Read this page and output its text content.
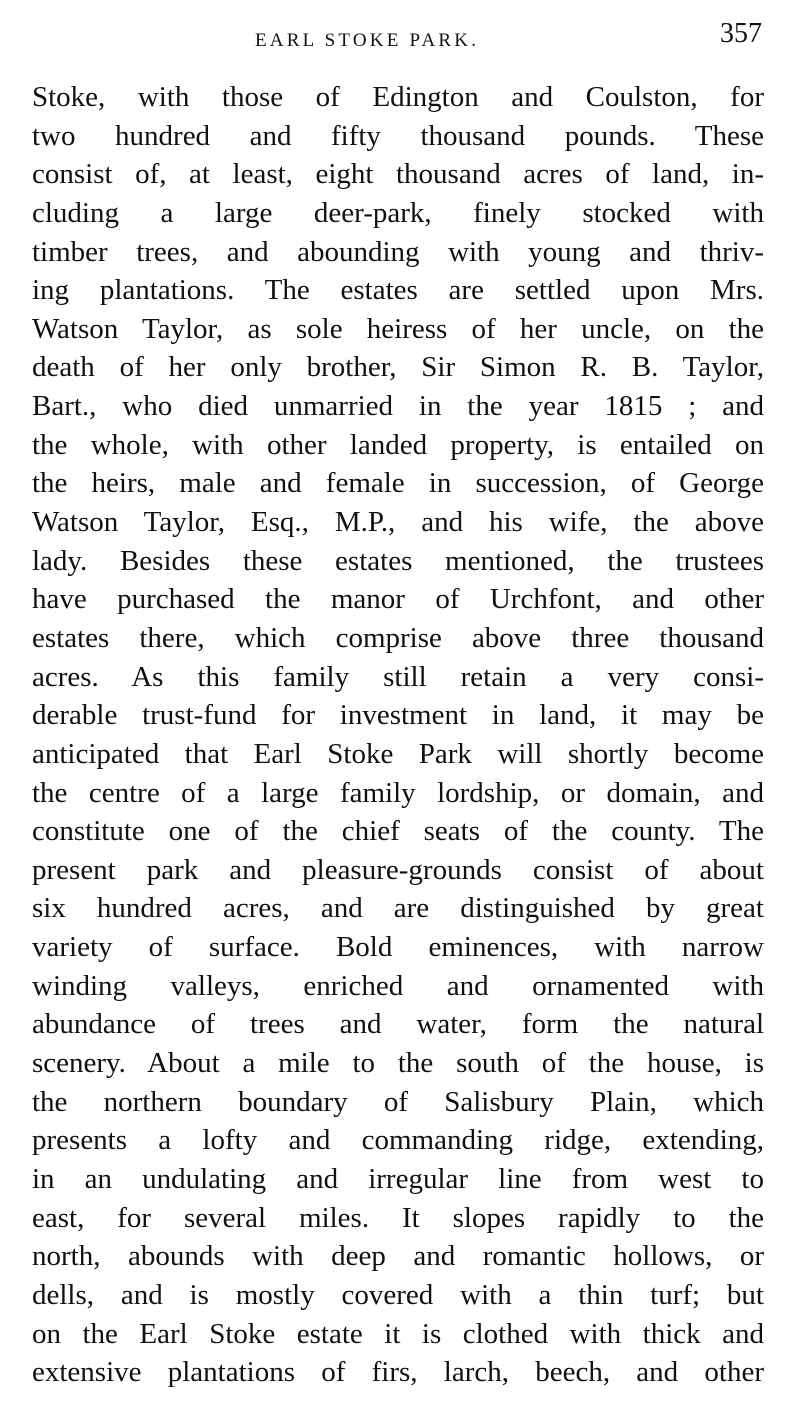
EARL STOKE PARK.	357
Stoke, with those of Edington and Coulston, for
two hundred and fifty thousand pounds. These
consist of, at least, eight thousand acres of land, in-
cluding a large deer-park, finely stocked with
timber trees, and abounding with young and thriv-
ing plantations. The estates are settled upon Mrs.
Watson Taylor, as sole heiress of her uncle, on the
death of her only brother, Sir Simon R. B. Taylor,
Bart., who died unmarried in the year 1815 ; and
the whole, with other landed property, is entailed on
the heirs, male and female in succession, of George
Watson Taylor, Esq., M.P., and his wife, the above
lady. Besides these estates mentioned, the trustees
have purchased the manor of Urchfont, and other
estates there, which comprise above three thousand
acres. As this family still retain a very consi-
derable trust-fund for investment in land, it may be
anticipated that Earl Stoke Park will shortly become
the centre of a large family lordship, or domain, and
constitute one of the chief seats of the county. The
present park and pleasure-grounds consist of about
six hundred acres, and are distinguished by great
variety of surface. Bold eminences, with narrow
winding valleys, enriched and ornamented with
abundance of trees and water, form the natural
scenery. About a mile to the south of the house, is
the northern boundary of Salisbury Plain, which
presents a lofty and commanding ridge, extending,
in an undulating and irregular line from west to
east, for several miles. It slopes rapidly to the
north, abounds with deep and romantic hollows, or
dells, and is mostly covered with a thin turf; but
on the Earl Stoke estate it is clothed with thick and
extensive plantations of firs, larch, beech, and other
